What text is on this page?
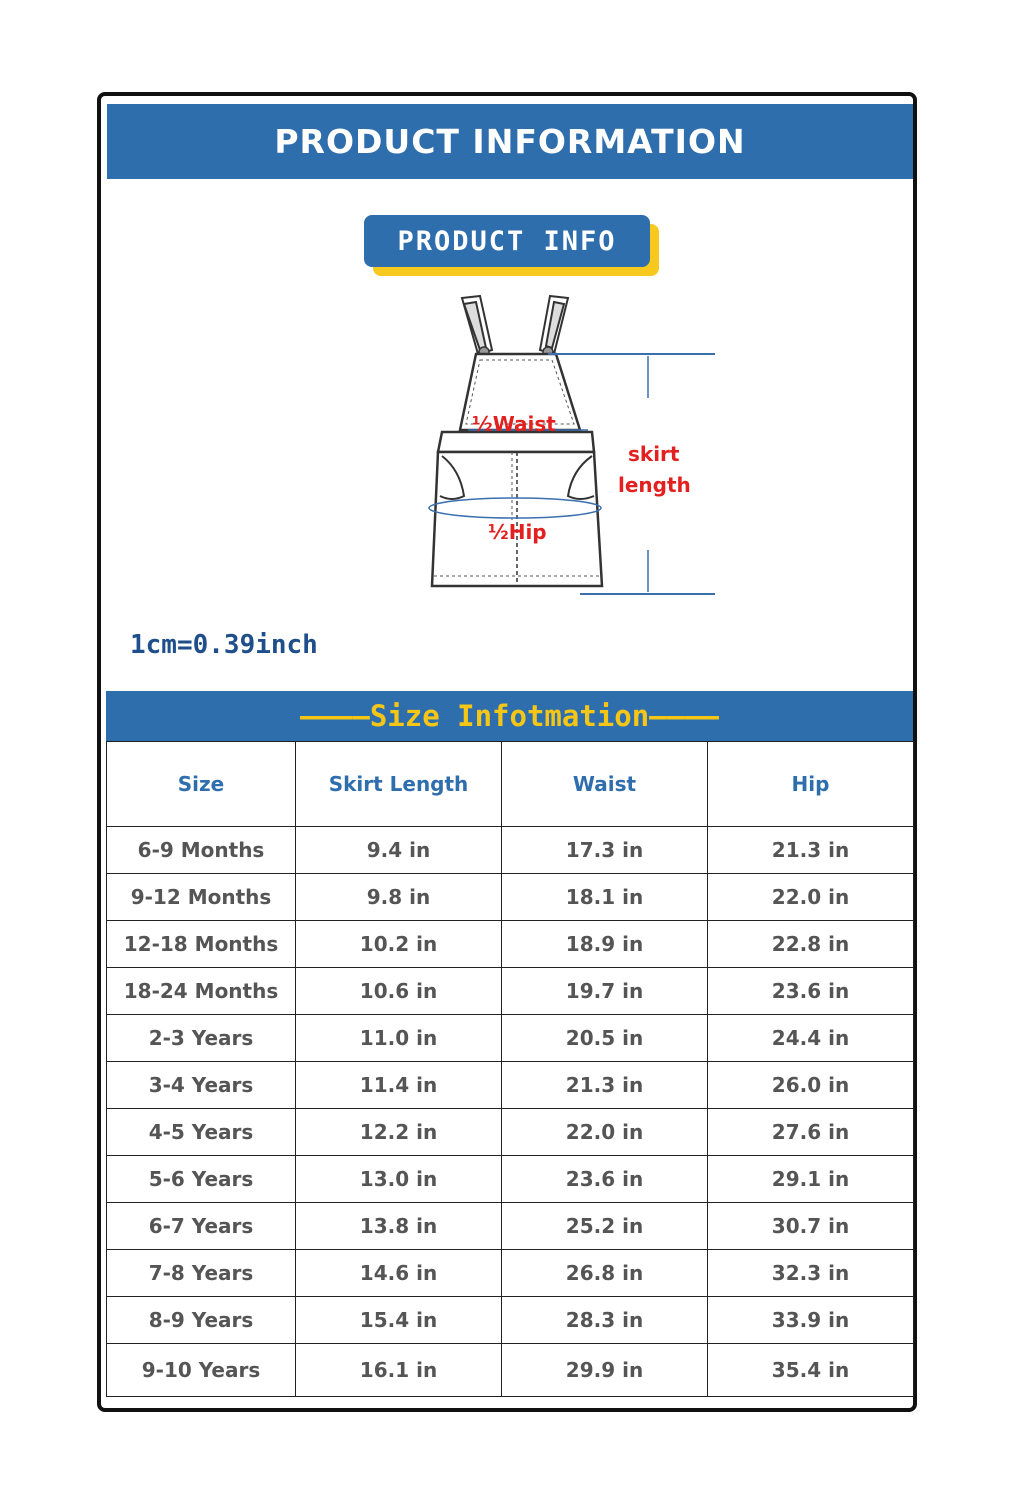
PRODUCT INFORMATION
PRODUCT INFO
½Waist
½Hip
skirt
length
1cm=0.39inch
————Size Infotmation————
Size	Skirt Length	Waist	Hip
6-9 Months	9.4 in	17.3 in	21.3 in
9-12 Months	9.8 in	18.1 in	22.0 in
12-18 Months	10.2 in	18.9 in	22.8 in
18-24 Months	10.6 in	19.7 in	23.6 in
2-3 Years	11.0 in	20.5 in	24.4 in
3-4 Years	11.4 in	21.3 in	26.0 in
4-5 Years	12.2 in	22.0 in	27.6 in
5-6 Years	13.0 in	23.6 in	29.1 in
6-7 Years	13.8 in	25.2 in	30.7 in
7-8 Years	14.6 in	26.8 in	32.3 in
8-9 Years	15.4 in	28.3 in	33.9 in
9-10 Years	16.1 in	29.9 in	35.4 in
